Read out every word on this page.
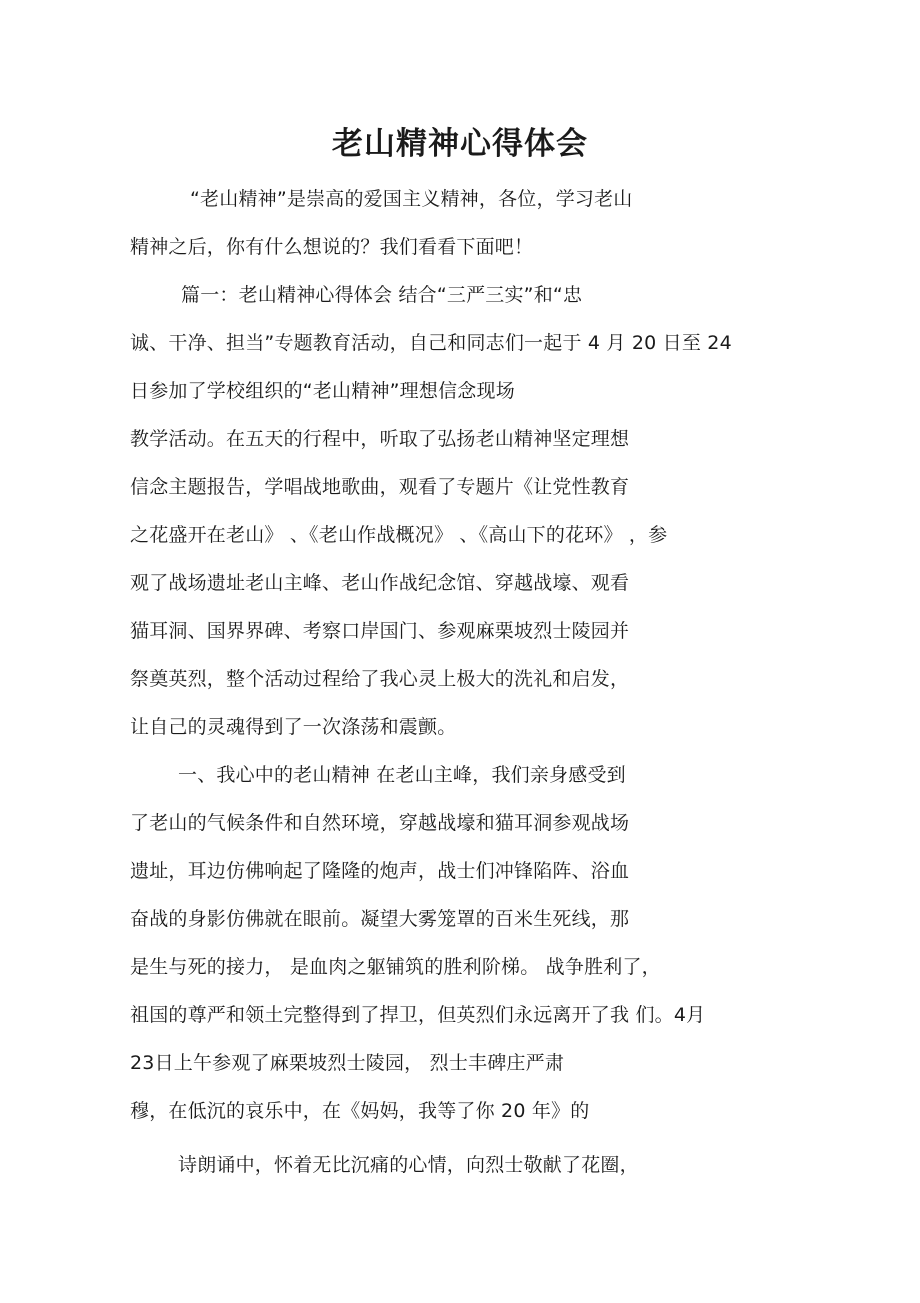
老山精神心得体会
“老山精神”是崇高的爱国主义精神，各位，学习老山
精神之后，你有什么想说的？我们看看下面吧！
篇一：老山精神心得体会 结合“三严三实”和“忠
诚、干净、担当”专题教育活动，自己和同志们一起于 4 月 20 日至 24
日参加了学校组织的“老山精神”理想信念现场
教学活动。在五天的行程中，听取了弘扬老山精神坚定理想
信念主题报告，学唱战地歌曲，观看了专题片《让党性教育
之花盛开在老山》 、《老山作战概况》 、《高山下的花环》 ，参
观了战场遗址老山主峰、老山作战纪念馆、穿越战壕、观看
猫耳洞、国界界碑、考察口岸国门、参观麻栗坡烈士陵园并
祭奠英烈，整个活动过程给了我心灵上极大的洗礼和启发，
让自己的灵魂得到了一次涤荡和震颤。
一、我心中的老山精神 在老山主峰，我们亲身感受到
了老山的气候条件和自然环境，穿越战壕和猫耳洞参观战场
遗址，耳边仿佛响起了隆隆的炮声，战士们冲锋陷阵、浴血
奋战的身影仿佛就在眼前。凝望大雾笼罩的百米生死线，那
是生与死的接力， 是血肉之躯铺筑的胜利阶梯。 战争胜利了，
祖国的尊严和领土完整得到了捍卫，但英烈们永远离开了我 们。4月
23日上午参观了麻栗坡烈士陵园， 烈士丰碑庄严肃
穆，在低沉的哀乐中，在《妈妈，我等了你 20 年》的
诗朗诵中，怀着无比沉痛的心情，向烈士敬献了花圈，
